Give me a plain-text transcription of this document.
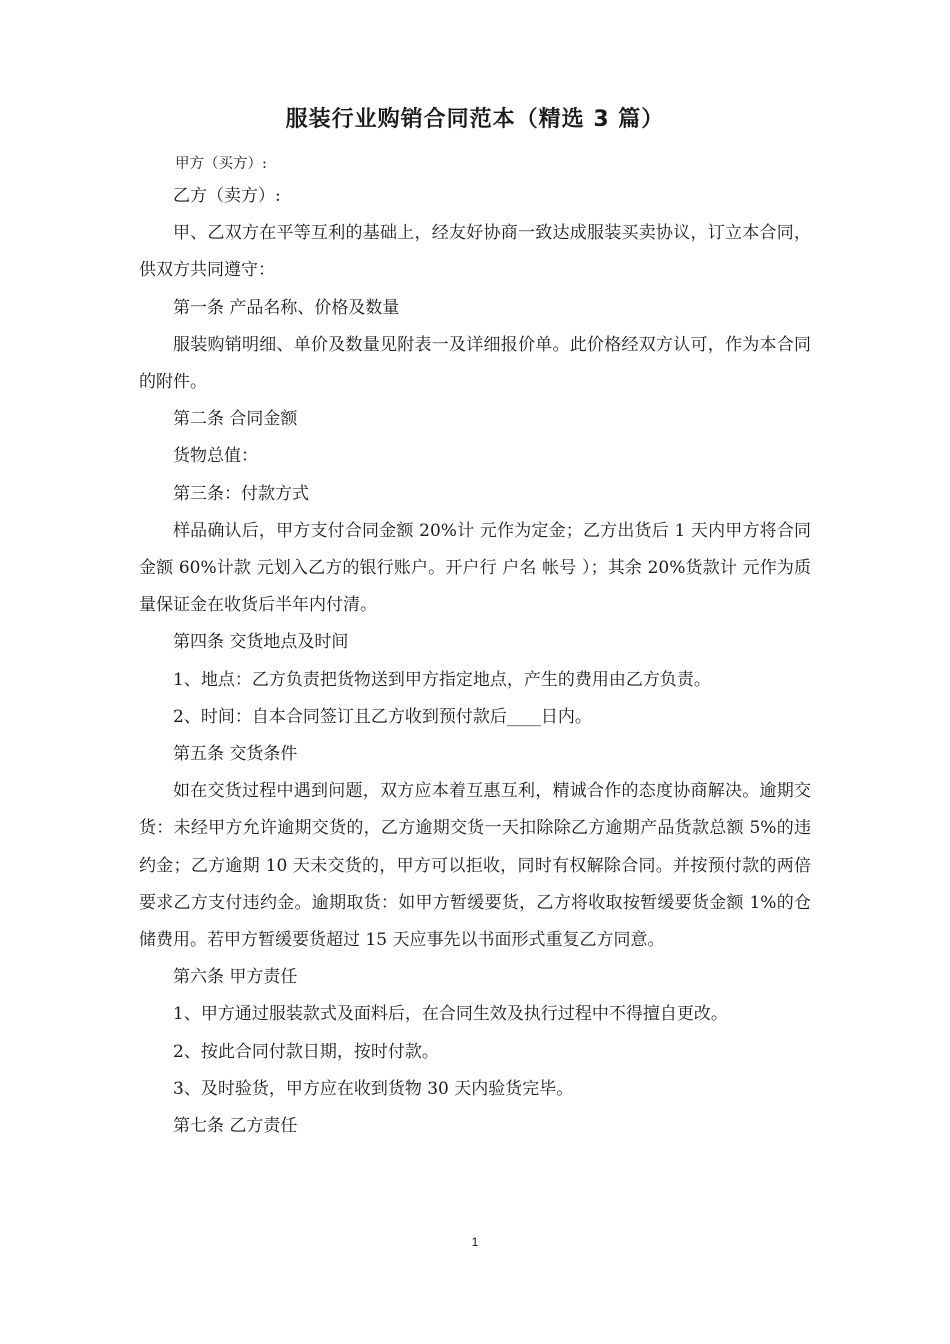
服装行业购销合同范本（精选 3 篇）

甲方（买方）:

乙方（卖方）:

甲、乙双方在平等互利的基础上，经友好协商一致达成服装买卖协议，订立本合同，供双方共同遵守：

第一条 产品名称、价格及数量

服装购销明细、单价及数量见附表一及详细报价单。此价格经双方认可，作为本合同的附件。

第二条 合同金额

货物总值：

第三条：付款方式

样品确认后，甲方支付合同金额 20%计 元作为定金；乙方出货后 1 天内甲方将合同金额 60%计款 元划入乙方的银行账户。开户行 户名 帐号 ）；其余 20%货款计 元作为质量保证金在收货后半年内付清。

第四条 交货地点及时间

1、地点：乙方负责把货物送到甲方指定地点，产生的费用由乙方负责。

2、时间：自本合同签订且乙方收到预付款后____日内。

第五条 交货条件

如在交货过程中遇到问题，双方应本着互惠互利，精诚合作的态度协商解决。逾期交货：未经甲方允许逾期交货的，乙方逾期交货一天扣除除乙方逾期产品货款总额 5%的违约金；乙方逾期 10 天未交货的，甲方可以拒收，同时有权解除合同。并按预付款的两倍要求乙方支付违约金。逾期取货：如甲方暂缓要货，乙方将收取按暂缓要货金额 1%的仓储费用。若甲方暂缓要货超过 15 天应事先以书面形式重复乙方同意。

第六条 甲方责任

1、甲方通过服装款式及面料后，在合同生效及执行过程中不得擅自更改。

2、按此合同付款日期，按时付款。

3、及时验货，甲方应在收到货物 30 天内验货完毕。

第七条 乙方责任

1
